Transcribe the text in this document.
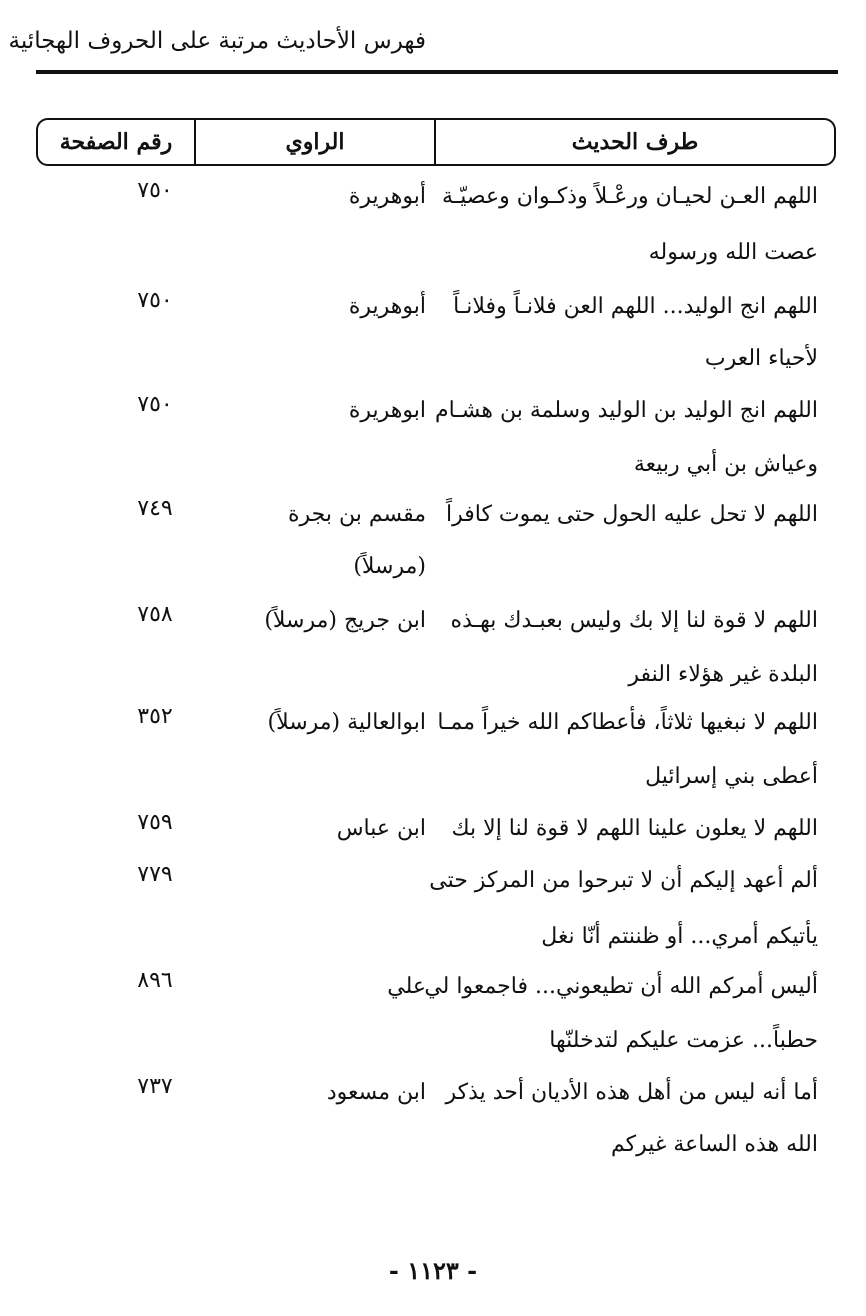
فهرس الأحاديث مرتبة على الحروف الهجائية
طرف الحديث
الراوي
رقم الصفحة
اللهم العـن لحيـان ورعْـلاً وذكـوان وعصيّـة
عصت الله ورسوله
أبوهريرة
٧٥٠
اللهم انج الوليد... اللهم العن فلانـاً وفلانـاً
لأحياء العرب
أبوهريرة
٧٥٠
اللهم انج الوليد بن الوليد وسلمة بن هشـام
وعياش بن أبي ربيعة
ابوهريرة
٧٥٠
اللهم لا تحل عليه الحول حتى يموت كافراً
مقسم بن بجرة
(مرسلاً)
٧٤٩
اللهم لا قوة لنا إلا بك وليس بعبـدك بهـذه
البلدة غير هؤلاء النفر
ابن جريج (مرسلاً)
٧٥٨
اللهم لا نبغيها ثلاثاً، فأعطاكم الله خيراً ممـا
أعطى بني إسرائيل
ابوالعالية (مرسلاً)
٣٥٢
اللهم لا يعلون علينا اللهم لا قوة لنا إلا بك
ابن عباس
٧٥٩
ألم أعهد إليكم أن لا تبرحوا من المركز حتى
يأتيكم أمري... أو ظننتم أنّا نغل
٧٧٩
أليس أمركم الله أن تطيعوني... فاجمعوا لي
حطباً... عزمت عليكم لتدخلنّها
علي
٨٩٦
أما أنه ليس من أهل هذه الأديان أحد يذكر
الله هذه الساعة غيركم
ابن مسعود
٧٣٧
- ١١٢٣ -
